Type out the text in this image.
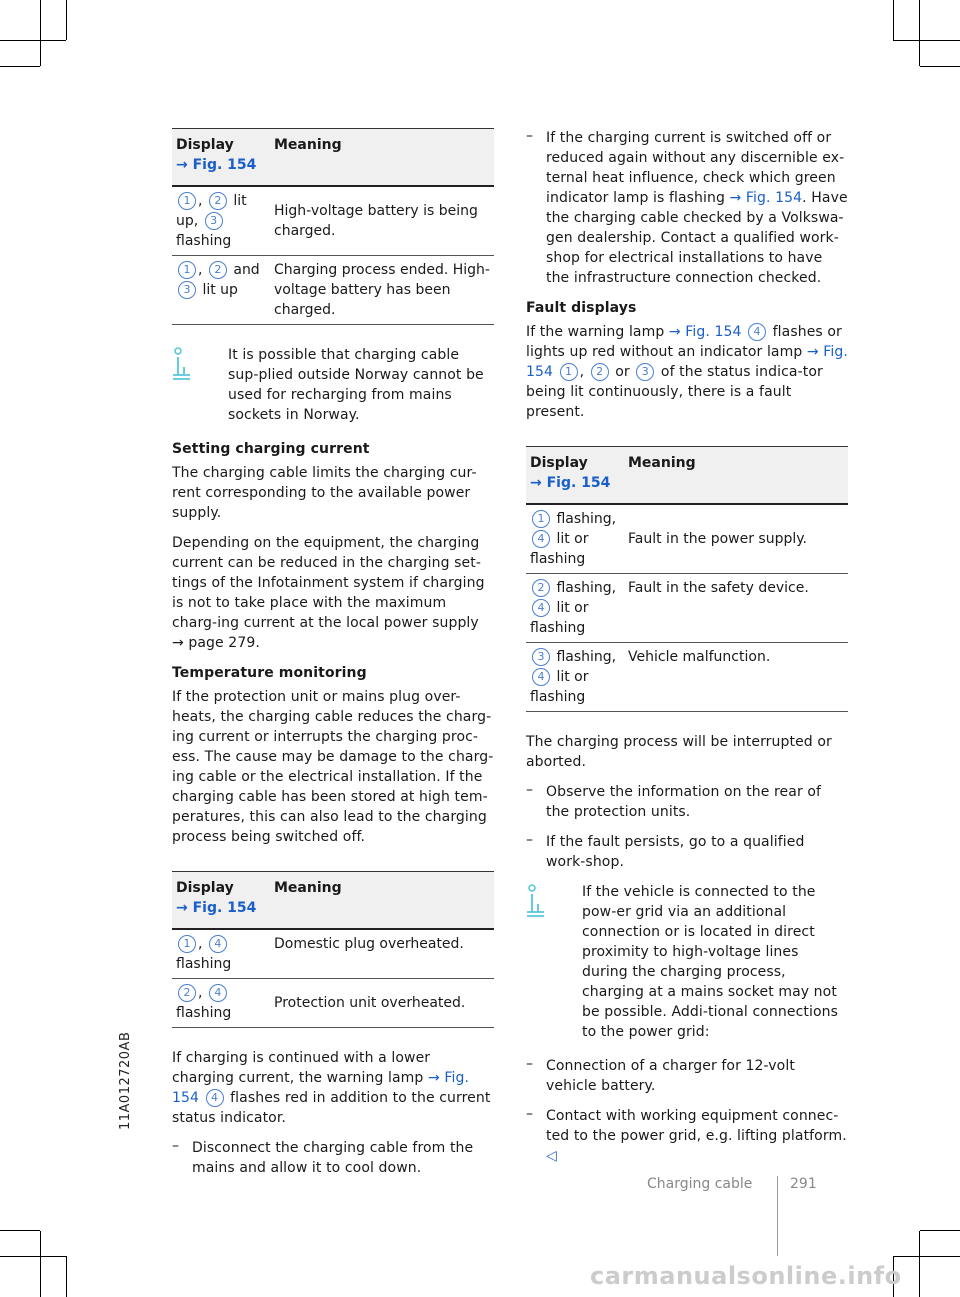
11A012720AB
Display
→ Fig. 154	Meaning
1 , 2 lit
up, 3
flashing	High-voltage battery is being charged.
1 , 2 and
3 lit up	Charging process ended. High-voltage battery has been charged.

It is possible that charging cable sup-plied outside Norway cannot be used for recharging from mains sockets in Norway.

Setting charging current

The charging cable limits the charging cur-rent corresponding to the available power supply.

Depending on the equipment, the charging current can be reduced in the charging set-tings of the Infotainment system if charging is not to take place with the maximum charg-ing current at the local power supply
→ page 279.

Temperature monitoring

If the protection unit or mains plug over-heats, the charging cable reduces the charg-ing current or interrupts the charging proc-ess. The cause may be damage to the charg-ing cable or the electrical installation. If the charging cable has been stored at high tem-peratures, this can also lead to the charging process being switched off.

Display
→ Fig. 154	Meaning
1 , 4
flashing	Domestic plug overheated.
2 , 4
flashing	Protection unit overheated.

If charging is continued with a lower charging current, the warning lamp → Fig. 154 4 flashes red in addition to the current status indicator.

– Disconnect the charging cable from the mains and allow it to cool down.

– If the charging current is switched off or reduced again without any discernible ex-ternal heat influence, check which green indicator lamp is flashing → Fig. 154. Have the charging cable checked by a Volkswa-gen dealership. Contact a qualified work-shop for electrical installations to have the infrastructure connection checked.

Fault displays

If the warning lamp → Fig. 154 4 flashes or lights up red without an indicator lamp → Fig. 154 1 , 2 or 3 of the status indica-tor being lit continuously, there is a fault present.

Display
→ Fig. 154	Meaning
1 flashing,
4 lit or
flashing	Fault in the power supply.
2 flashing,
4 lit or
flashing	Fault in the safety device.
3 flashing,
4 lit or
flashing	Vehicle malfunction.

The charging process will be interrupted or aborted.

– Observe the information on the rear of the protection units.

– If the fault persists, go to a qualified work-shop.

If the vehicle is connected to the pow-er grid via an additional connection or is located in direct proximity to high-voltage lines during the charging process, charging at a mains socket may not be possible. Addi-tional connections to the power grid:

– Connection of a charger for 12-volt vehicle battery.

– Contact with working equipment connec-ted to the power grid, e.g. lifting platform. ◁

Charging cable	291
carmanualsonline.info
